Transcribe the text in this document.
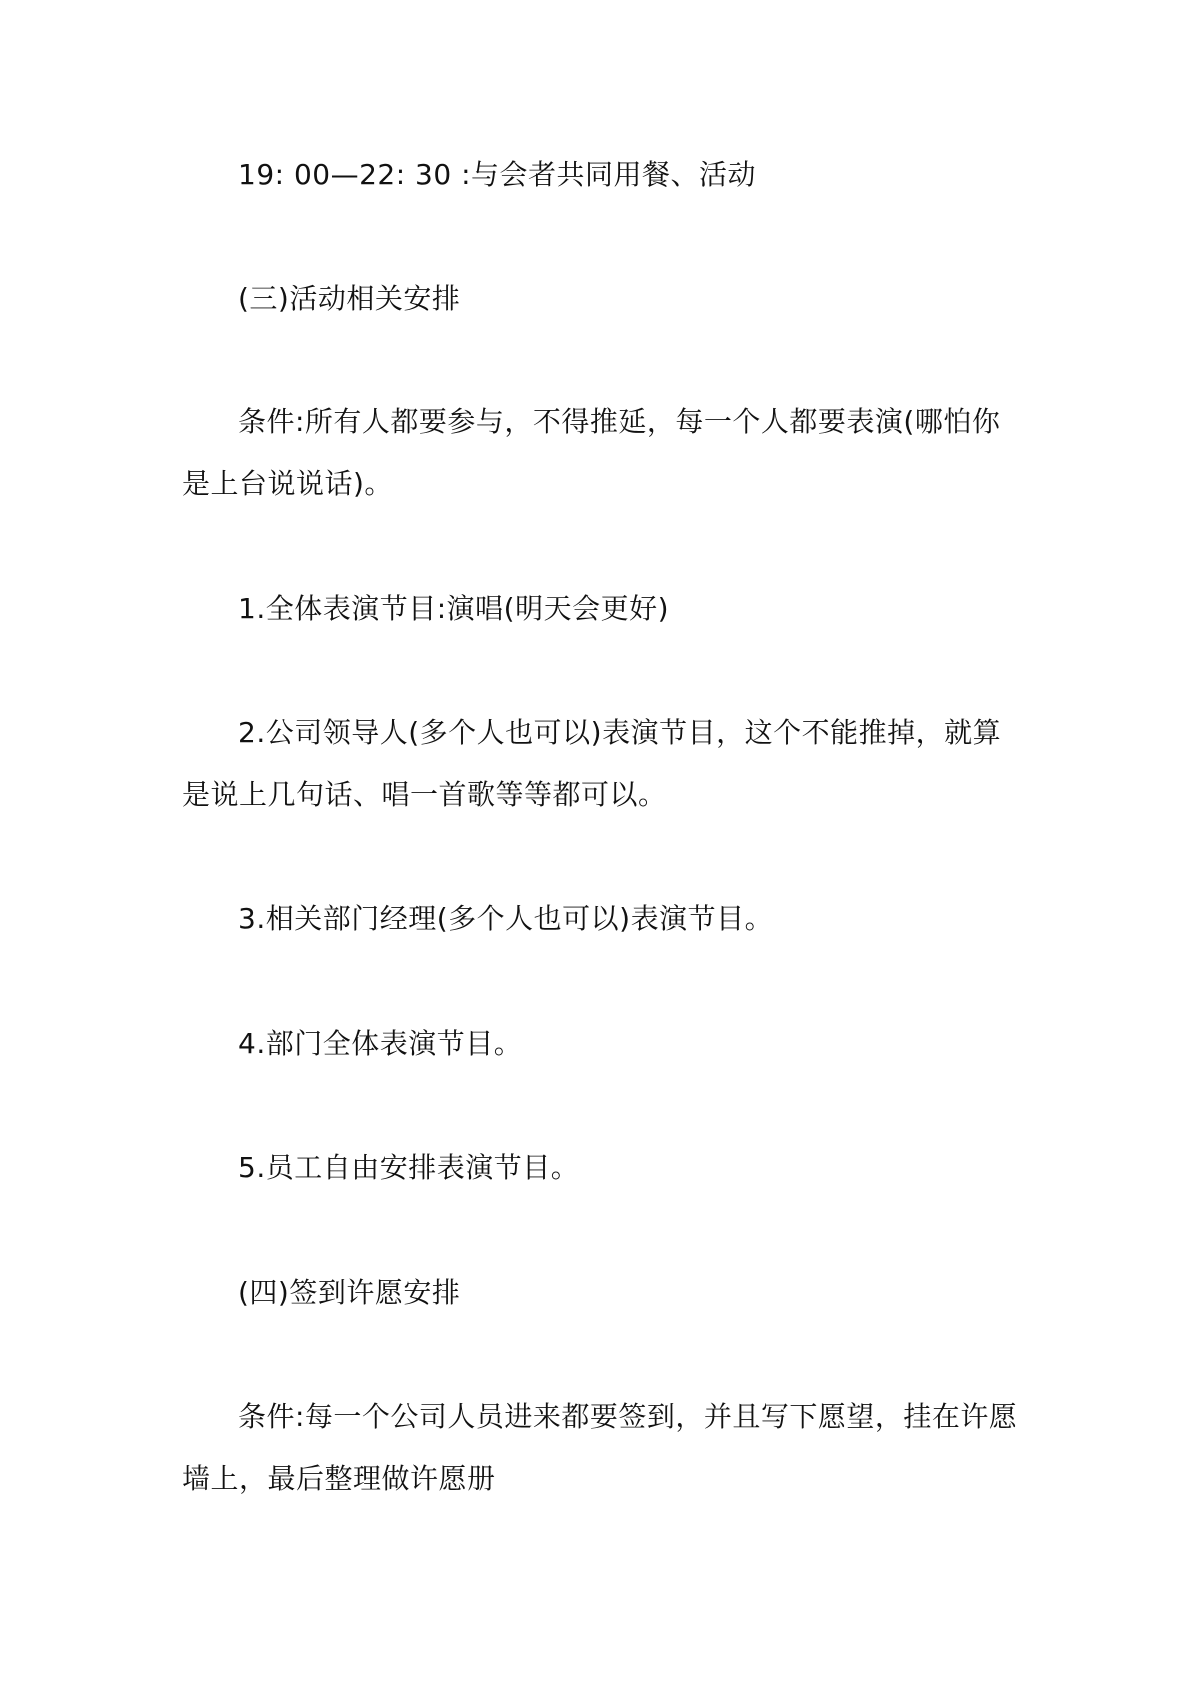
19: 00—22: 30 :与会者共同用餐、活动

(三)活动相关安排

条件:所有人都要参与，不得推延，每一个人都要表演(哪怕你是上台说说话)。

1.全体表演节目:演唱(明天会更好)

2.公司领导人(多个人也可以)表演节目，这个不能推掉，就算是说上几句话、唱一首歌等等都可以。

3.相关部门经理(多个人也可以)表演节目。

4.部门全体表演节目。

5.员工自由安排表演节目。

(四)签到许愿安排

条件:每一个公司人员进来都要签到，并且写下愿望，挂在许愿墙上，最后整理做许愿册
